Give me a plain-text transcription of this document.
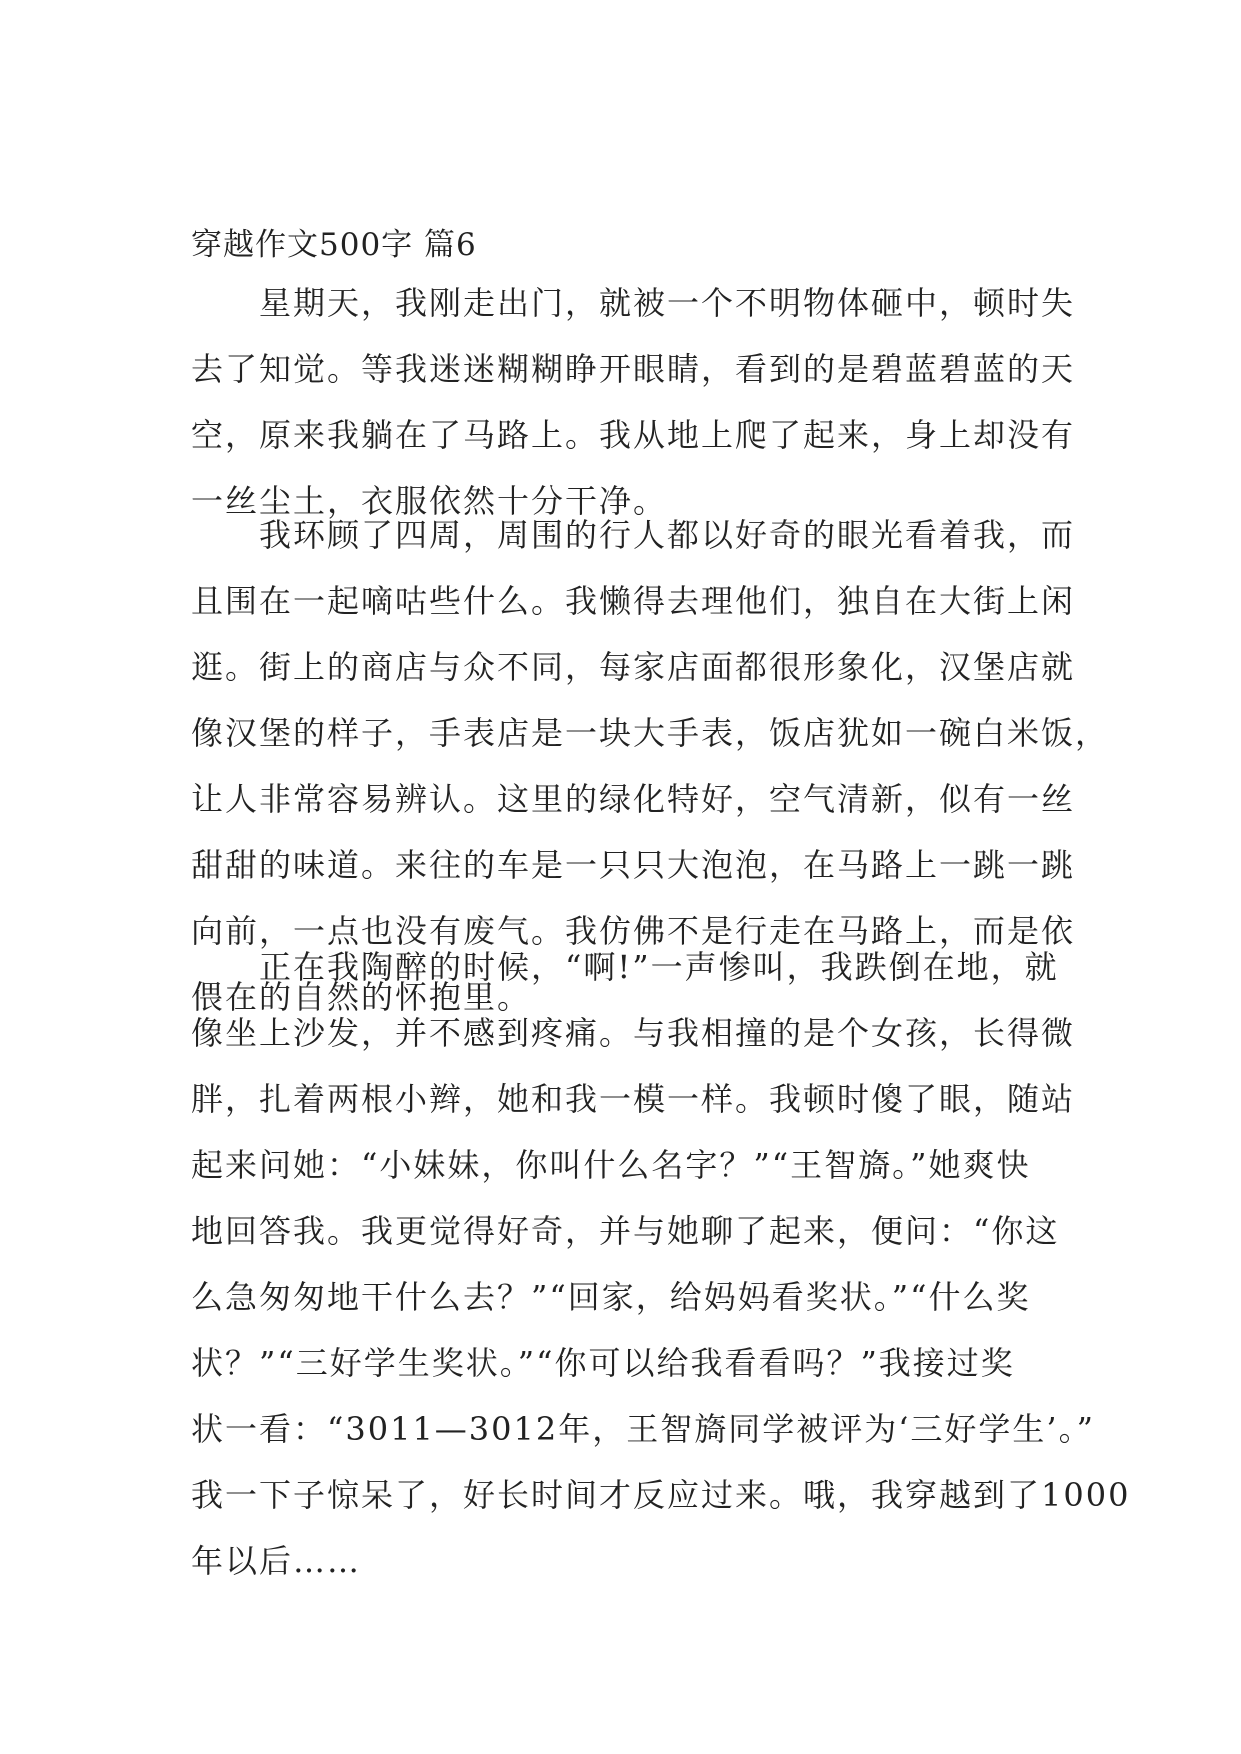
穿越作文500字 篇6
　　星期天，我刚走出门，就被一个不明物体砸中，顿时失
去了知觉。等我迷迷糊糊睁开眼睛，看到的是碧蓝碧蓝的天
空，原来我躺在了马路上。我从地上爬了起来，身上却没有
一丝尘土，衣服依然十分干净。
　　我环顾了四周，周围的行人都以好奇的眼光看着我，而
且围在一起嘀咕些什么。我懒得去理他们，独自在大街上闲
逛。街上的商店与众不同，每家店面都很形象化，汉堡店就
像汉堡的样子，手表店是一块大手表，饭店犹如一碗白米饭，
让人非常容易辨认。这里的绿化特好，空气清新，似有一丝
甜甜的味道。来往的车是一只只大泡泡，在马路上一跳一跳
向前，一点也没有废气。我仿佛不是行走在马路上，而是依
偎在的自然的怀抱里。
　　正在我陶醉的时候，“啊!”一声惨叫，我跌倒在地，就
像坐上沙发，并不感到疼痛。与我相撞的是个女孩，长得微
胖，扎着两根小辫，她和我一模一样。我顿时傻了眼，随站
起来问她：“小妹妹，你叫什么名字？”“王智旖。”她爽快
地回答我。我更觉得好奇，并与她聊了起来，便问：“你这
么急匆匆地干什么去？”“回家，给妈妈看奖状。”“什么奖
状？”“三好学生奖状。”“你可以给我看看吗？”我接过奖
状一看：“3011—3012年，王智旖同学被评为‘三好学生’。”
我一下子惊呆了，好长时间才反应过来。哦，我穿越到了1000
年以后……
